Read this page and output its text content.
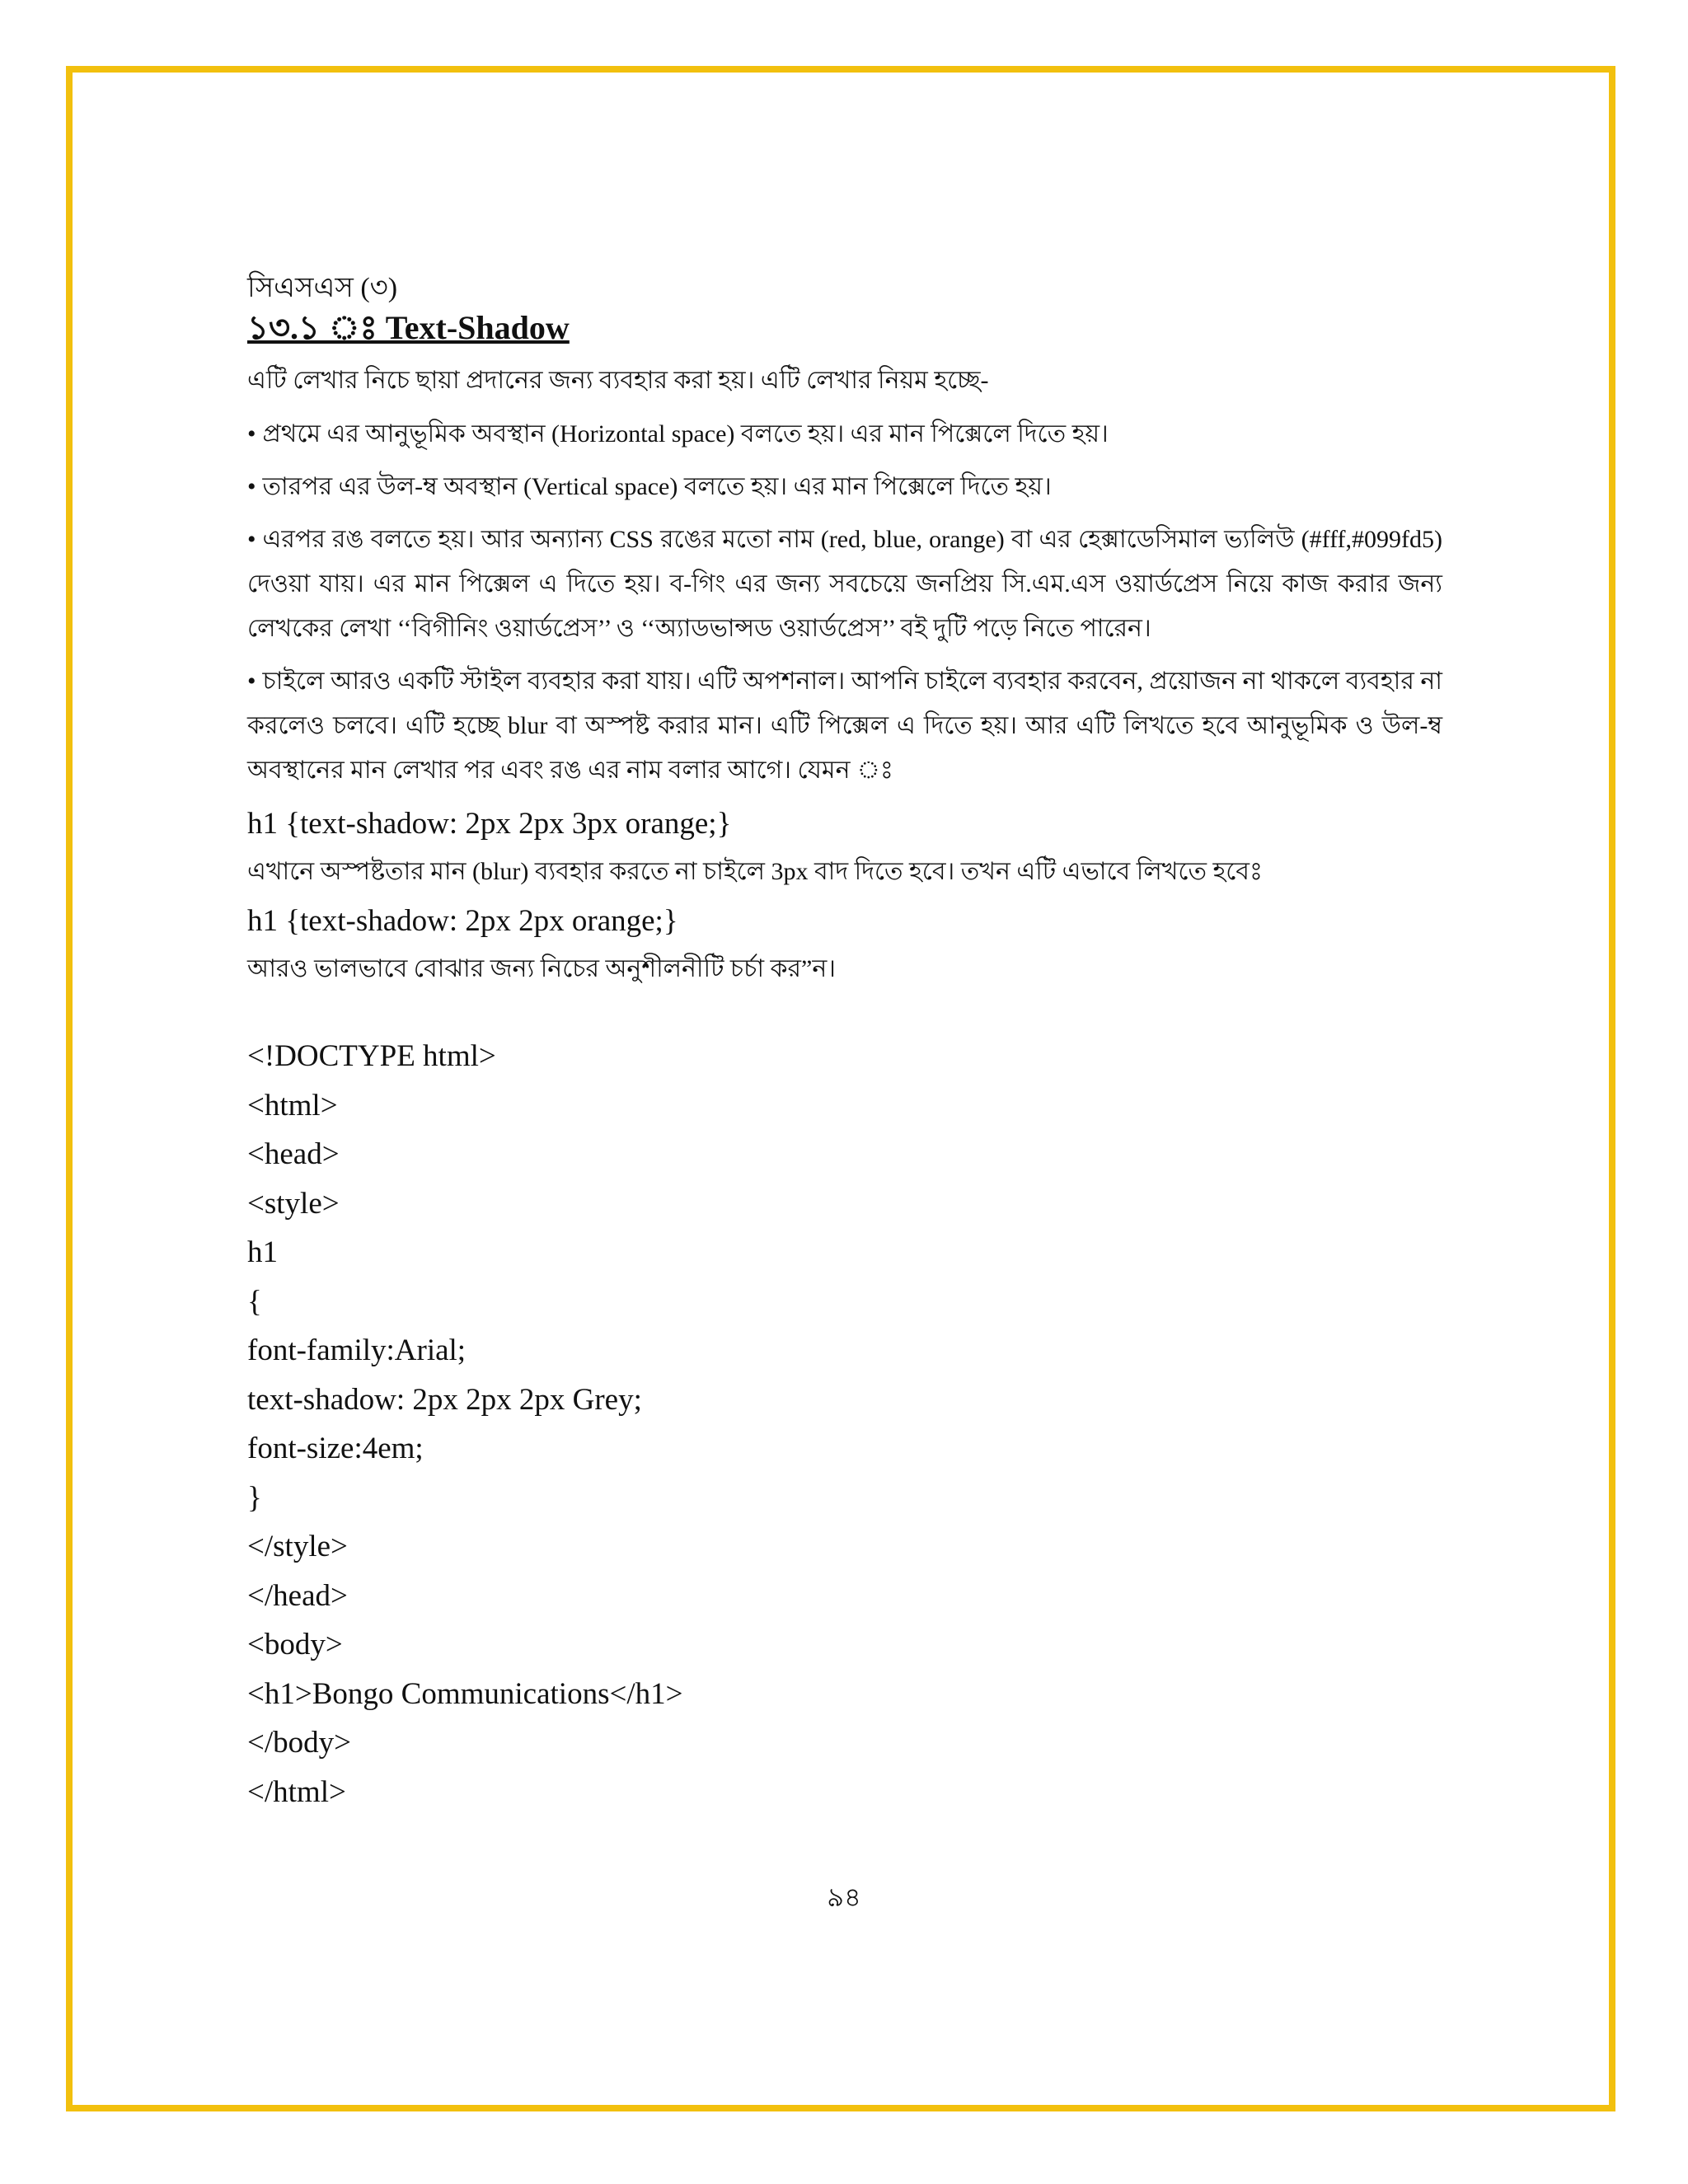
সিএসএস (৩)
১৩.১ ঃ Text-Shadow
এটি লেখার নিচে ছায়া প্রদানের জন্য ব্যবহার করা হয়। এটি লেখার নিয়ম হচ্ছে-
• প্রথমে এর আনুভূমিক অবস্থান (Horizontal space) বলতে হয়। এর মান পিক্সেলে দিতে হয়।
• তারপর এর উল-ম্ব অবস্থান (Vertical space) বলতে হয়। এর মান পিক্সেলে দিতে হয়।
• এরপর রঙ বলতে হয়। আর অন্যান্য CSS রঙের মতো নাম (red, blue, orange) বা এর হেক্সাডেসিমাল ভ্যলিউ (#fff,#099fd5) দেওয়া যায়। এর মান পিক্সেল এ দিতে হয়। ব-গিং এর জন্য সবচেয়ে জনপ্রিয় সি.এম.এস ওয়ার্ডপ্রেস নিয়ে কাজ করার জন্য লেখকের লেখা ‘‘বিগীনিং ওয়ার্ডপ্রেস’’ ও ‘‘অ্যাডভান্সড ওয়ার্ডপ্রেস’’ বই দুটি পড়ে নিতে পারেন।
• চাইলে আরও একটি স্টাইল ব্যবহার করা যায়। এটি অপশনাল। আপনি চাইলে ব্যবহার করবেন, প্রয়োজন না থাকলে ব্যবহার না করলেও চলবে। এটি হচ্ছে blur বা অস্পষ্ট করার মান। এটি পিক্সেল এ দিতে হয়। আর এটি লিখতে হবে আনুভূমিক ও উল-ম্ব অবস্থানের মান লেখার পর এবং রঙ এর নাম বলার আগে। যেমন ঃ
h1 {text-shadow: 2px 2px 3px orange;}
এখানে অস্পষ্টতার মান (blur) ব্যবহার করতে না চাইলে 3px বাদ দিতে হবে। তখন এটি এভাবে লিখতে হবেঃ
h1 {text-shadow: 2px 2px orange;}
আরও ভালভাবে বোঝার জন্য নিচের অনুশীলনীটি চর্চা কর”ন।
<!DOCTYPE html>
<html>
<head>
<style>
h1
{
font-family:Arial;
text-shadow: 2px 2px 2px Grey;
font-size:4em;
}
</style>
</head>
<body>
<h1>Bongo Communications</h1>
</body>
</html>
৯৪
